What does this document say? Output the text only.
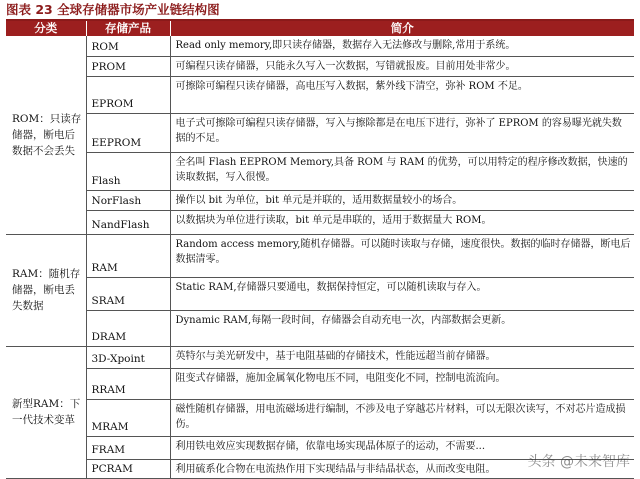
图表 23 全球存储器市场产业链结构图
分类	存储产品	简介
ROM：只读存储器，断电后数据不会丢失	ROM	Read only memory,即只读存储器，数据存入无法修改与删除,常用于系统。
	PROM	可编程只读存储器，只能永久写入一次数据，写错就报废。目前用处非常少。
	EPROM	可擦除可编程只读存储器，高电压写入数据，紫外线下清空，弥补 ROM 不足。
	EEPROM	电子式可擦除可编程只读存储器，写入与擦除都是在电压下进行，弥补了 EPROM 的容易曝光就失数据的不足。
	Flash	全名叫 Flash EEPROM Memory,具备 ROM 与 RAM 的优势，可以用特定的程序修改数据，快速的读取数据，写入很慢。
	NorFlash	操作以 bit 为单位，bit 单元是并联的，适用数据量较小的场合。
	NandFlash	以数据块为单位进行读取，bit 单元是串联的，适用于数据量大 ROM。
RAM：随机存储器，断电丢失数据	RAM	Random access memory,随机存储器。可以随时读取与存储，速度很快。数据的临时存储器，断电后数据清零。
	SRAM	Static RAM,存储器只要通电，数据保持恒定，可以随机读取与存入。
	DRAM	Dynamic RAM,每隔一段时间，存储器会自动充电一次，内部数据会更新。
新型RAM：下一代技术变革	3D-Xpoint	英特尔与美光研发中，基于电阻基础的存储技术，性能远超当前存储器。
	RRAM	阻变式存储器，施加金属氧化物电压不同，电阻变化不同，控制电流流向。
	MRAM	磁性随机存储器，用电流磁场进行编制，不涉及电子穿越芯片材料，可以无限次读写，不对芯片造成损伤。
	FRAM	利用铁电效应实现数据存储，依靠电场实现晶体原子的运动，不需要...
	PCRAM	利用硫系化合物在电流热作用下实现结晶与非结晶状态，从而改变电阻。 头条 @未来智库
